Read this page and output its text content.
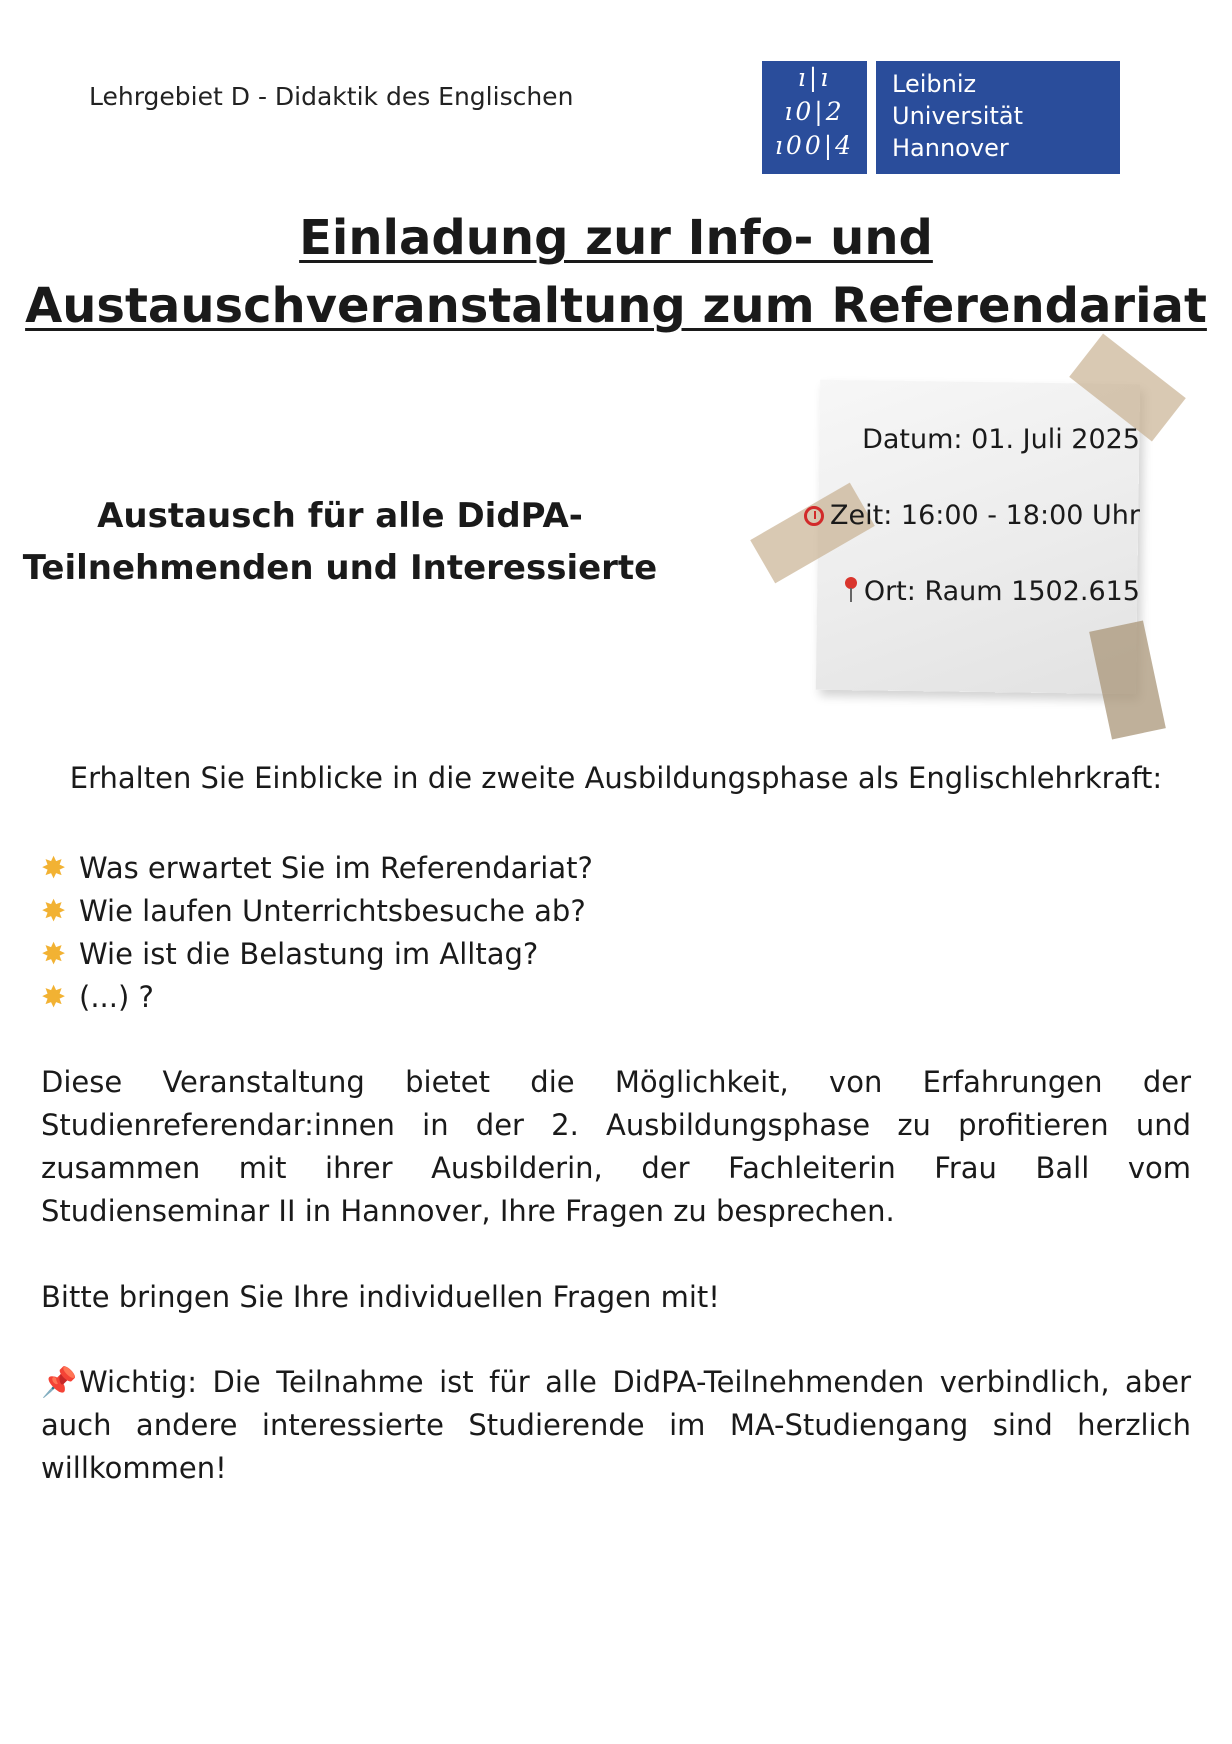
Lehrgebiet D - Didaktik des Englischen
ı|ı
ı0|2
ı00|4
Leibniz
Universität
Hannover
Einladung zur Info- und
Austauschveranstaltung zum Referendariat
Austausch für alle DidPA-Teilnehmenden und Interessierte
Datum: 01. Juli 2025
Zeit: 16:00 - 18:00 Uhr
Ort: Raum 1502.615
Erhalten Sie Einblicke in die zweite Ausbildungsphase als Englischlehrkraft:
✸ Was erwartet Sie im Referendariat?
✸ Wie laufen Unterrichtsbesuche ab?
✸ Wie ist die Belastung im Alltag?
✸ (...) ?
Diese Veranstaltung bietet die Möglichkeit, von Erfahrungen der Studienreferendar:innen in der 2. Ausbildungsphase zu profitieren und zusammen mit ihrer Ausbilderin, der Fachleiterin Frau Ball vom Studienseminar II in Hannover, Ihre Fragen zu besprechen.
Bitte bringen Sie Ihre individuellen Fragen mit!
📌Wichtig: Die Teilnahme ist für alle DidPA-Teilnehmenden verbindlich, aber auch andere interessierte Studierende im MA-Studiengang sind herzlich willkommen!
